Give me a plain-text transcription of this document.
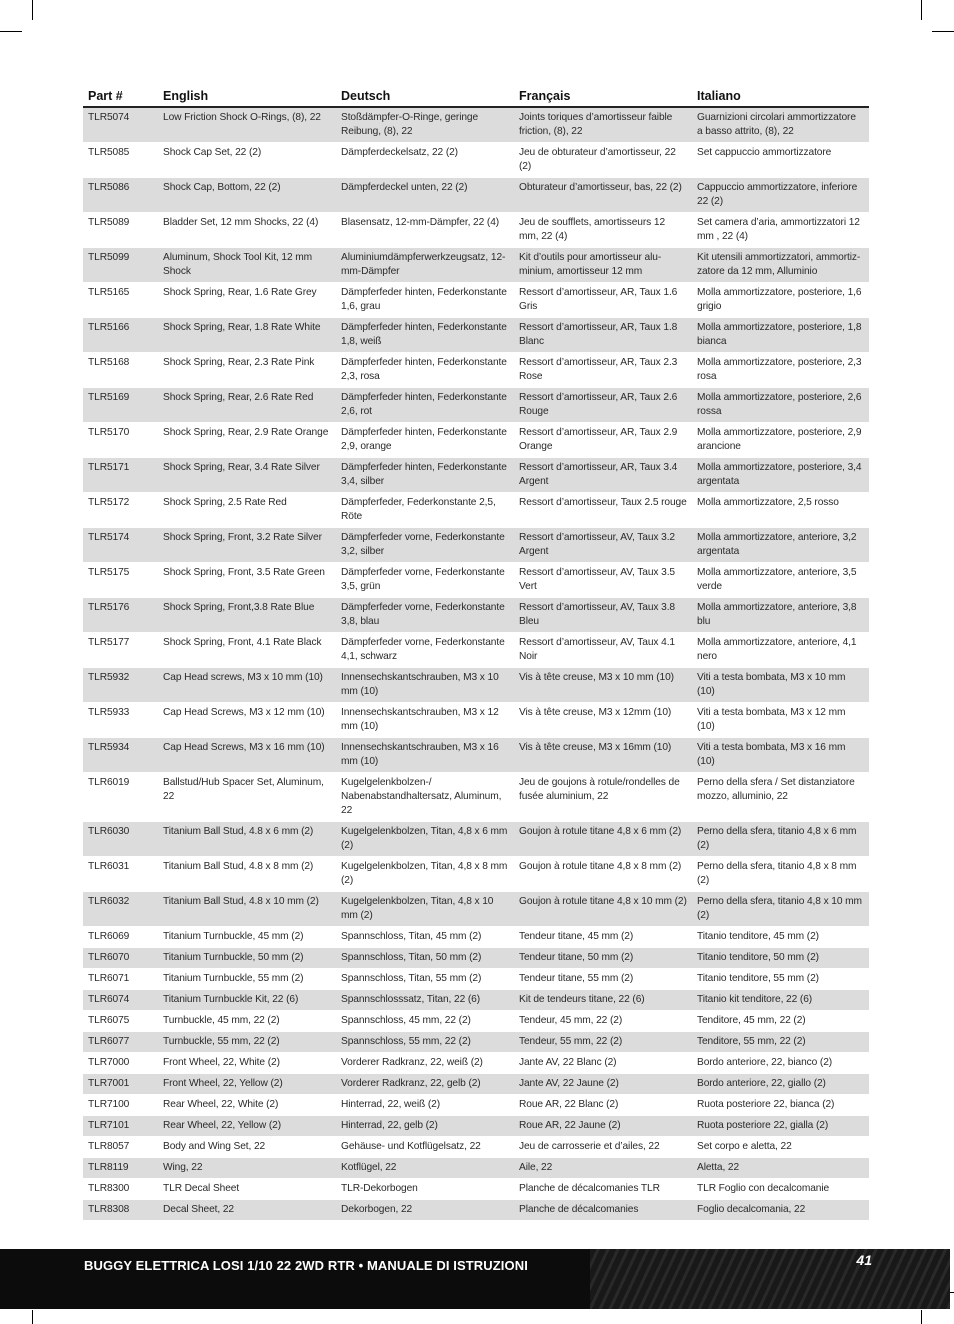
Part #	English	Deutsch	Français	Italiano
TLR5074	Low Friction Shock O-Rings, (8), 22	Stoßdämpfer-O-Ringe, geringe Reibung, (8), 22	Joints toriques d’amortisseur faible friction, (8), 22	Guarnizioni circolari ammortizzatore a basso attrito, (8), 22
TLR5085	Shock Cap Set, 22 (2)	Dämpferdeckelsatz, 22 (2)	Jeu de obturateur d’amortisseur, 22 (2)	Set cappuccio ammortizzatore
TLR5086	Shock Cap, Bottom, 22 (2)	Dämpferdeckel unten, 22 (2)	Obturateur d’amortisseur, bas, 22 (2)	Cappuccio ammortizzatore, inferiore 22 (2)
TLR5089	Bladder Set, 12 mm Shocks, 22 (4)	Blasensatz, 12-mm-Dämpfer, 22 (4)	Jeu de soufflets, amortisseurs 12 mm, 22 (4)	Set camera d’aria, ammortizzatori 12 mm , 22 (4)
TLR5099	Aluminum, Shock Tool Kit, 12 mm Shock	Aluminiumdämpferwerkzeugsatz, 12-mm-Dämpfer	Kit d’outils pour amortisseur aluminium, amortisseur 12 mm	Kit utensili ammortizzatori, ammortizzatore da 12 mm, Alluminio
TLR5165	Shock Spring, Rear, 1.6 Rate Grey	Dämpferfeder hinten, Federkonstante 1,6, grau	Ressort d’amortisseur, AR, Taux 1.6 Gris	Molla ammortizzatore, posteriore, 1,6 grigio
TLR5166	Shock Spring, Rear, 1.8 Rate White	Dämpferfeder hinten, Federkonstante 1,8, weiß	Ressort d’amortisseur, AR, Taux 1.8 Blanc	Molla ammortizzatore, posteriore, 1,8 bianca
TLR5168	Shock Spring, Rear, 2.3 Rate Pink	Dämpferfeder hinten, Federkonstante 2,3, rosa	Ressort d’amortisseur, AR, Taux 2.3 Rose	Molla ammortizzatore, posteriore, 2,3 rosa
TLR5169	Shock Spring, Rear, 2.6 Rate Red	Dämpferfeder hinten, Federkonstante 2,6, rot	Ressort d’amortisseur, AR, Taux 2.6 Rouge	Molla ammortizzatore, posteriore, 2,6 rossa
TLR5170	Shock Spring, Rear, 2.9 Rate Orange	Dämpferfeder hinten, Federkonstante 2,9, orange	Ressort d’amortisseur, AR, Taux 2.9 Orange	Molla ammortizzatore, posteriore, 2,9 arancione
TLR5171	Shock Spring, Rear, 3.4 Rate Silver	Dämpferfeder hinten, Federkonstante 3,4, silber	Ressort d’amortisseur, AR, Taux 3.4 Argent	Molla ammortizzatore, posteriore, 3,4 argentata
TLR5172	Shock Spring, 2.5 Rate Red	Dämpferfeder, Federkonstante 2,5, Röte	Ressort d’amortisseur, Taux 2.5 rouge	Molla ammortizzatore, 2,5 rosso
TLR5174	Shock Spring, Front, 3.2 Rate Silver	Dämpferfeder vorne, Federkonstante 3,2, silber	Ressort d’amortisseur, AV, Taux 3.2 Argent	Molla ammortizzatore, anteriore, 3,2 argentata
TLR5175	Shock Spring, Front, 3.5 Rate Green	Dämpferfeder vorne, Federkonstante 3,5, grün	Ressort d’amortisseur, AV, Taux 3.5 Vert	Molla ammortizzatore, anteriore, 3,5 verde
TLR5176	Shock Spring, Front,3.8 Rate Blue	Dämpferfeder vorne, Federkonstante 3,8, blau	Ressort d’amortisseur, AV, Taux 3.8 Bleu	Molla ammortizzatore, anteriore, 3,8 blu
TLR5177	Shock Spring, Front, 4.1 Rate Black	Dämpferfeder vorne, Federkonstante 4,1, schwarz	Ressort d’amortisseur, AV, Taux 4.1 Noir	Molla ammortizzatore, anteriore, 4,1 nero
TLR5932	Cap Head screws, M3 x 10 mm (10)	Innensechskantschrauben, M3 x 10 mm (10)	Vis à tête creuse, M3 x 10 mm (10)	Viti a testa bombata, M3 x 10 mm (10)
TLR5933	Cap Head Screws, M3 x 12 mm (10)	Innensechskantschrauben, M3 x 12 mm (10)	Vis à tête creuse, M3 x 12mm (10)	Viti a testa bombata, M3 x 12 mm (10)
TLR5934	Cap Head Screws, M3 x 16 mm (10)	Innensechskantschrauben, M3 x 16 mm (10)	Vis à tête creuse, M3 x 16mm (10)	Viti a testa bombata, M3 x 16 mm (10)
TLR6019	Ballstud/Hub Spacer Set, Aluminum, 22	Kugelgelenkbolzen-/ Nabenabstandhaltersatz, Aluminum, 22	Jeu de goujons à rotule/rondelles de fusée aluminium, 22	Perno della sfera / Set distanziatore mozzo, alluminio, 22
TLR6030	Titanium Ball Stud, 4.8 x 6 mm (2)	Kugelgelenkbolzen, Titan, 4,8 x 6 mm (2)	Goujon à rotule titane 4,8 x 6 mm (2)	Perno della sfera, titanio 4,8 x 6 mm (2)
TLR6031	Titanium Ball Stud, 4.8 x 8 mm (2)	Kugelgelenkbolzen, Titan, 4,8 x 8 mm (2)	Goujon à rotule titane 4,8 x 8 mm (2)	Perno della sfera, titanio 4,8 x 8 mm (2)
TLR6032	Titanium Ball Stud, 4.8 x 10 mm (2)	Kugelgelenkbolzen, Titan, 4,8 x 10 mm (2)	Goujon à rotule titane 4,8 x 10 mm (2)	Perno della sfera, titanio 4,8 x 10 mm (2)
TLR6069	Titanium Turnbuckle, 45 mm (2)	Spannschloss, Titan, 45 mm (2)	Tendeur titane, 45 mm (2)	Titanio tenditore, 45 mm (2)
TLR6070	Titanium Turnbuckle, 50 mm (2)	Spannschloss, Titan, 50 mm (2)	Tendeur titane, 50 mm (2)	Titanio tenditore, 50 mm (2)
TLR6071	Titanium Turnbuckle, 55 mm (2)	Spannschloss, Titan, 55 mm (2)	Tendeur titane, 55 mm (2)	Titanio tenditore, 55 mm (2)
TLR6074	Titanium Turnbuckle Kit, 22 (6)	Spannschlosssatz, Titan, 22 (6)	Kit de tendeurs titane, 22 (6)	Titanio kit tenditore, 22 (6)
TLR6075	Turnbuckle, 45 mm, 22 (2)	Spannschloss, 45 mm, 22 (2)	Tendeur, 45 mm, 22 (2)	Tenditore, 45 mm, 22 (2)
TLR6077	Turnbuckle, 55 mm, 22 (2)	Spannschloss, 55 mm, 22 (2)	Tendeur, 55 mm, 22 (2)	Tenditore, 55 mm, 22 (2)
TLR7000	Front Wheel, 22, White (2)	Vorderer Radkranz, 22, weiß (2)	Jante AV, 22 Blanc (2)	Bordo anteriore, 22, bianco (2)
TLR7001	Front Wheel, 22, Yellow (2)	Vorderer Radkranz, 22, gelb (2)	Jante AV, 22 Jaune (2)	Bordo anteriore, 22, giallo (2)
TLR7100	Rear Wheel, 22, White (2)	Hinterrad, 22, weiß (2)	Roue AR, 22 Blanc (2)	Ruota posteriore 22, bianca (2)
TLR7101	Rear Wheel, 22, Yellow (2)	Hinterrad, 22, gelb (2)	Roue AR, 22 Jaune (2)	Ruota posteriore 22, gialla (2)
TLR8057	Body and Wing Set, 22	Gehäuse- und Kotflügelsatz, 22	Jeu de carrosserie et d’ailes, 22	Set corpo e aletta, 22
TLR8119	Wing, 22	Kotflügel, 22	Aile, 22	Aletta, 22
TLR8300	TLR Decal Sheet	TLR-Dekorbogen	Planche de décalcomanies TLR	TLR Foglio con decalcomanie
TLR8308	Decal Sheet, 22	Dekorbogen, 22	Planche de décalcomanies	Foglio decalcomania, 22
BUGGY ELETTRICA LOSI 1/10 22 2WD RTR • MANUALE DI ISTRUZIONI	41
